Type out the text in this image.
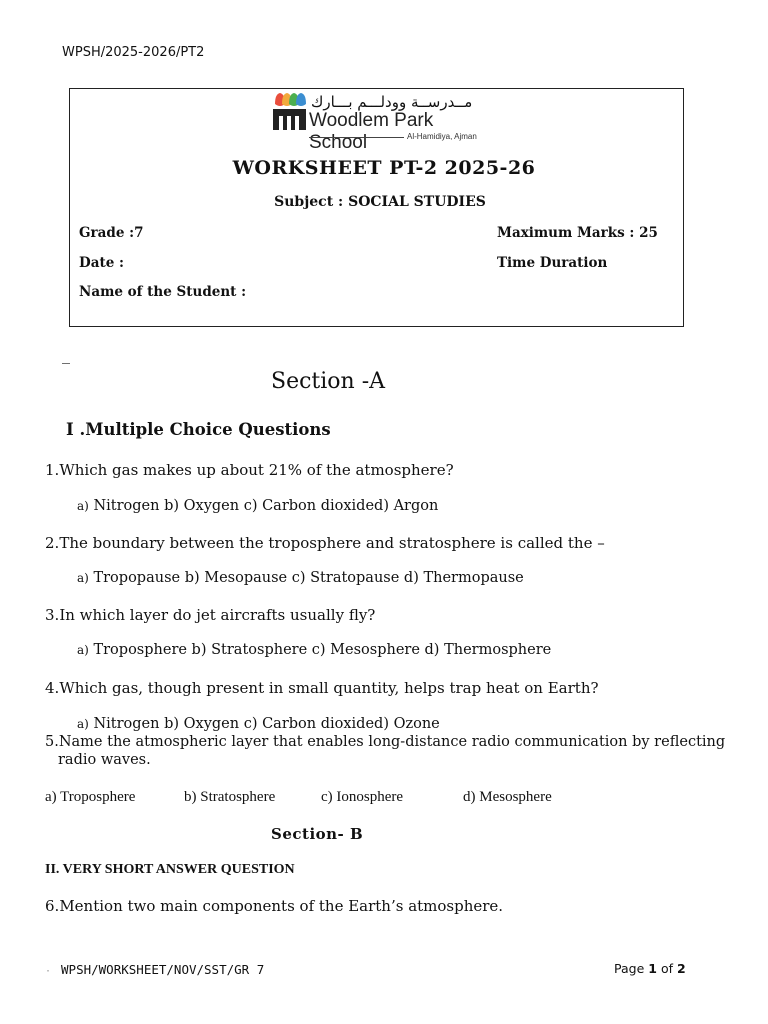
WPSH/2025-2026/PT2
مــدرســة وودلـــم بـــارك
Woodlem Park School	Al-Hamidiya, Ajman
WORKSHEET PT-2 2025-26
Subject : SOCIAL STUDIES
Grade :7	Maximum Marks : 25
Date :	Time Duration
Name of the Student :
_
Section -A
I .Multiple Choice Questions
1.Which gas makes up about 21% of the atmosphere?
a) Nitrogen b) Oxygen c) Carbon dioxided) Argon
2.The boundary between the troposphere and stratosphere is called the –
a) Tropopause b) Mesopause c) Stratopause d) Thermopause
3.In which layer do jet aircrafts usually fly?
a) Troposphere b) Stratosphere c) Mesosphere d) Thermosphere
4.Which gas, though present in small quantity, helps trap heat on Earth?
a) Nitrogen b) Oxygen c) Carbon dioxided) Ozone
5.Name the atmospheric layer that enables long-distance radio communication by reflecting
radio waves.
a) Troposphere	b) Stratosphere	c) Ionosphere	d) Mesosphere
Section- B
II. VERY SHORT ANSWER QUESTION
6.Mention two main components of the Earth’s atmosphere.
· WPSH/WORKSHEET/NOV/SST/GR 7	Page 1 of 2
